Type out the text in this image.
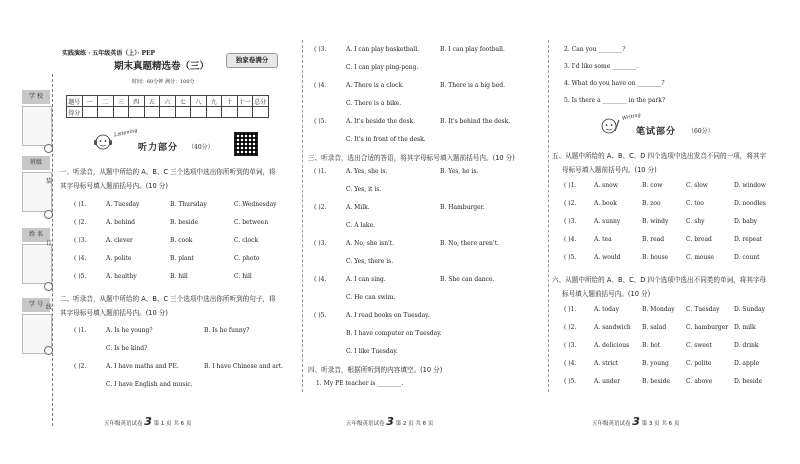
学 校
班级
姓 名
学 号
装
订
线
实践演练 · 五年级英语（上）· PEP
期末真题精选卷（三）
独家卷满分
时间：60分钟 满分：100分
题号	一	二	三	四	五	六	七	八	九	十	十一	总分
得分												
Listening
听力部分 （40分）
一、听录音，从题中所给的 A、B、C 三个选项中选出你所听到的单词，将
其字母标号填入题前括号内。(10 分)
( )1.	A. Tuesday	B. Thursday	C. Wednesday
( )2.	A. behind	B. beside	C. between
( )3.	A. clever	B. cook	C. clock
( )4.	A. polite	B. plant	C. photo
( )5.	A. healthy	B. hill	C. hill
二、听录音，从题中所给的 A、B、C 三个选项中选出你所听到的句子，将
其字母标号填入题前括号内。(10 分)
( )1.	A. Is he young?	B. Is he funny?
C. Is he kind?
( )2.	A. I have maths and PE.	B. I have Chinese and art.
C. I have English and music.
五年级英语试卷 3 第 1 页 共 6 页
( )3.	A. I can play basketball.	B. I can play football.
C. I can play ping-pong.
( )4.	A. There is a clock.	B. There is a big bed.
C. There is a bike.
( )5.	A. It's beside the desk.	B. It's behind the desk.
C. It's in front of the desk.
三、听录音，选出合适的答语，将其字母标号填入题前括号内。(10 分)
( )1.	A. Yes, she is.	B. Yes, he is.
C. Yes, it is.
( )2.	A. Milk.	B. Hamburger.
C. A lake.
( )3.	A. No, she isn't.	B. No, there aren't.
C. Yes, there is.
( )4.	A. I can sing.	B. She can dance.
C. He can swim.
( )5.	A. I read books on Tuesday.
B. I have computer on Tuesday.
C. I like Tuesday.
四、听录音，根据所听到的内容填空。(10 分)
1. My PE teacher is ________.
五年级英语试卷 3 第 2 页 共 6 页
2. Can you ________?
3. I'd like some ________.
4. What do you have on ________?
5. Is there a ________ in the park?
Writing
笔试部分 （60分）
五、从题中所给的 A、B、C、D 四个选项中选出发音不同的一项，将其字
母标号填入题前括号内。(10 分)
( )1.	A. snow	B. cow	C. slow	D. window
( )2.	A. book	B. zoo	C. too	D. noodles
( )3.	A. sunny	B. windy	C. shy	D. baby
( )4.	A. tea	B. read	C. bread	D. repeat
( )5.	A. would	B. house	C. mouse	D. count
六、从题中所给的 A、B、C、D 四个选项中选出不同类的单词，将其字母
标号填入题前括号内。(10 分)
( )1.	A. today	B. Monday C. Tuesday D. Sunday
( )2.	A. sandwich B. salad	C. hamburger D. milk
( )3.	A. delicious B. hot	C. sweet	D. drink
( )4.	A. strict	B. young	C. polite	D. apple
( )5.	A. under	B. beside	C. above	D. beside
五年级英语试卷 3 第 3 页 共 6 页
